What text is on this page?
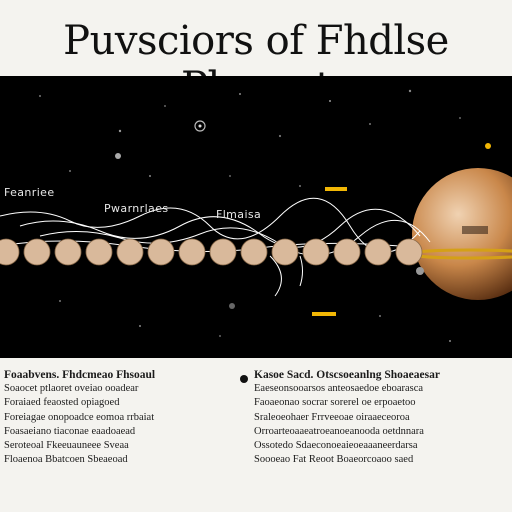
Puvsciors of Fhdlse
Feanriee
Pwarnrlaes	Flmaisa
Foaabvens. Fhdcmeao Fhsoaul
Soaocet ptlaoret oveiao ooadear
Foraiaed feaosted opiagoed
Foreiagae onopoadce eomoa rrbaiat
Foasaeiano tiaconae eaadoaead
Seroteoal Fkeeuauneee Sveaa
Floaenoa Bbatcoen Sbeaeoad
Kasoe Sacd. Otscsoeanlng Shoaeaesar
Eaeseonsooarsos anteosaedoe eboarasca
Faoaeonao socrar sorerel oe erpoaetoo
Sraleoeohaer Frrveeoae oiraaeceoroa
Orroarteoaaeatroeanoeanooda oetdnnara
Ossotedo Sdaeconoeaieoeaaaneerdarsa
Soooeao Fat Reoot Boaeorcoaoo saed
